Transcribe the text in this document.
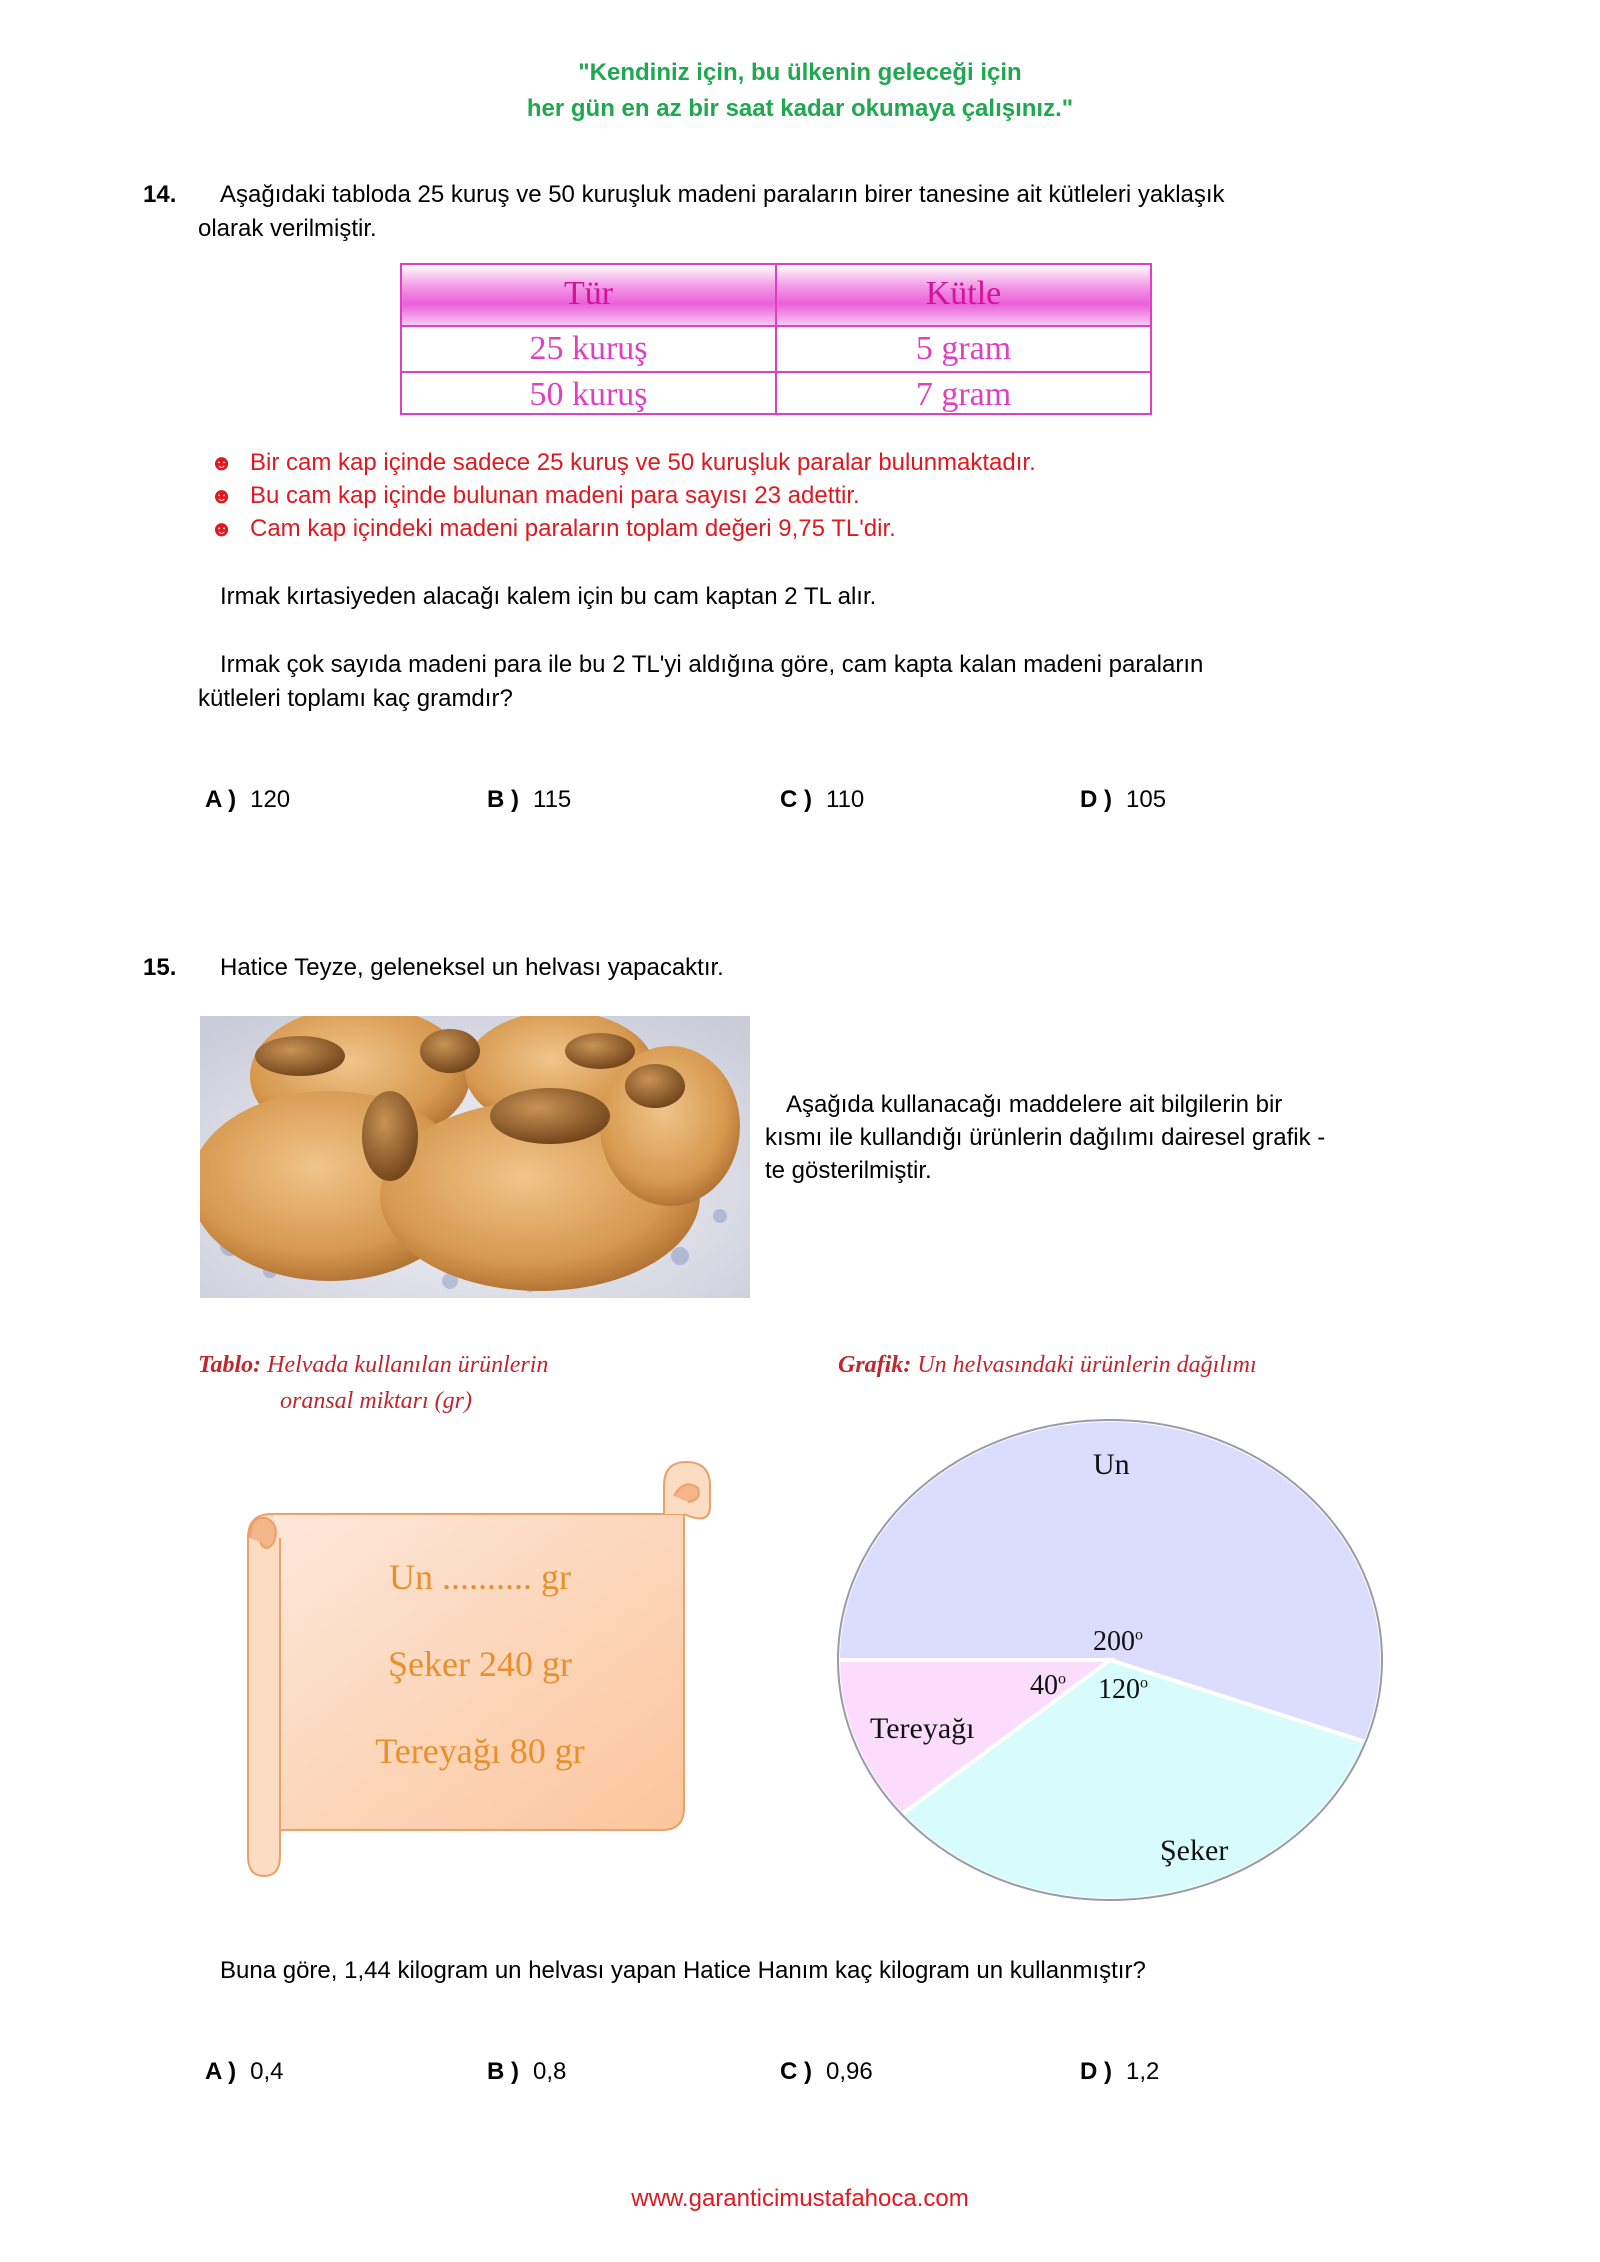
"Kendiniz için, bu ülkenin geleceği için
her gün en az bir saat kadar okumaya çalışınız."
14. Aşağıdaki tabloda 25 kuruş ve 50 kuruşluk madeni paraların birer tanesine ait kütleleri yaklaşık
olarak verilmiştir.
Tür	Kütle
25 kuruş	5 gram
50 kuruş	7 gram
☻ Bir cam kap içinde sadece 25 kuruş ve 50 kuruşluk paralar bulunmaktadır.
☻ Bu cam kap içinde bulunan madeni para sayısı 23 adettir.
☻ Cam kap içindeki madeni paraların toplam değeri 9,75 TL'dir.
Irmak kırtasiyeden alacağı kalem için bu cam kaptan 2 TL alır.
Irmak çok sayıda madeni para ile bu 2 TL'yi aldığına göre, cam kapta kalan madeni paraların
kütleleri toplamı kaç gramdır?
A ) 120	B ) 115	C ) 110	D ) 105
15. Hatice Teyze, geleneksel un helvası yapacaktır.
Aşağıda kullanacağı maddelere ait bilgilerin bir
kısmı ile kullandığı ürünlerin dağılımı dairesel grafik -
te gösterilmiştir.
Tablo: Helvada kullanılan ürünlerin
oransal miktarı (gr)
Grafik: Un helvasındaki ürünlerin dağılımı
Un .......... gr
Şeker 240 gr
Tereyağı 80 gr
Un
Tereyağı
Şeker
200$^o$
40$^o$ 120$^o$
Buna göre, 1,44 kilogram un helvası yapan Hatice Hanım kaç kilogram un kullanmıştır?
A ) 0,4	B ) 0,8	C ) 0,96	D ) 1,2
www.garanticimustafahoca.com
